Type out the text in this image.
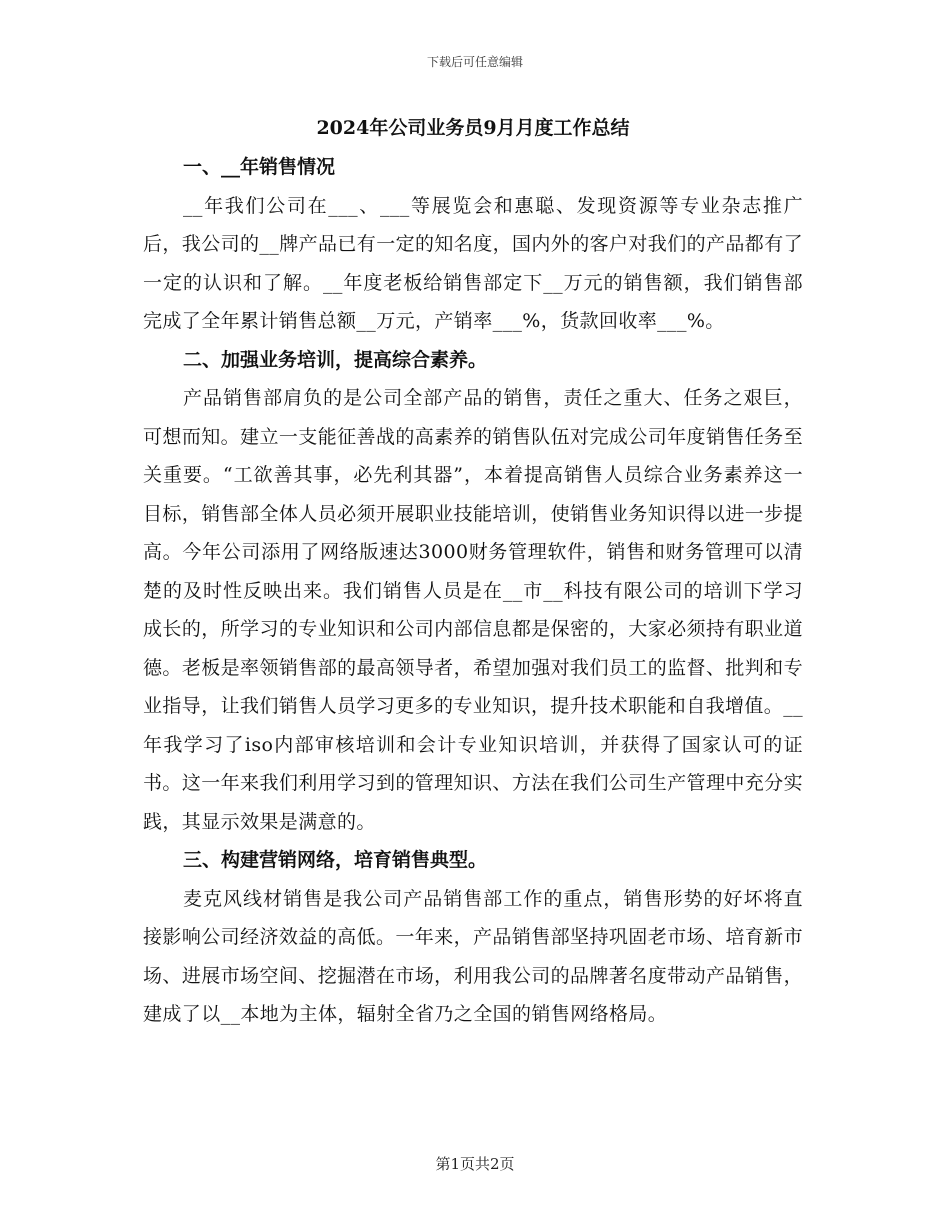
下载后可任意编辑
2024年公司业务员9月月度工作总结
一、__年销售情况

__年我们公司在___、___等展览会和惠聪、发现资源等专业杂志推广后，我公司的__牌产品已有一定的知名度，国内外的客户对我们的产品都有了一定的认识和了解。__年度老板给销售部定下__万元的销售额，我们销售部完成了全年累计销售总额__万元，产销率___%，货款回收率___%。

二、加强业务培训，提高综合素养。

产品销售部肩负的是公司全部产品的销售，责任之重大、任务之艰巨，可想而知。建立一支能征善战的高素养的销售队伍对完成公司年度销售任务至关重要。“工欲善其事，必先利其器”，本着提高销售人员综合业务素养这一目标，销售部全体人员必须开展职业技能培训，使销售业务知识得以进一步提高。今年公司添用了网络版速达3000财务管理软件，销售和财务管理可以清楚的及时性反映出来。我们销售人员是在__市__科技有限公司的培训下学习成长的，所学习的专业知识和公司内部信息都是保密的，大家必须持有职业道德。老板是率领销售部的最高领导者，希望加强对我们员工的监督、批判和专业指导，让我们销售人员学习更多的专业知识，提升技术职能和自我增值。__年我学习了iso内部审核培训和会计专业知识培训，并获得了国家认可的证书。这一年来我们利用学习到的管理知识、方法在我们公司生产管理中充分实践，其显示效果是满意的。

三、构建营销网络，培育销售典型。

麦克风线材销售是我公司产品销售部工作的重点，销售形势的好坏将直接影响公司经济效益的高低。一年来，产品销售部坚持巩固老市场、培育新市场、进展市场空间、挖掘潜在市场，利用我公司的品牌著名度带动产品销售，建成了以__本地为主体，辐射全省乃之全国的销售网络格局。

第1页共2页
